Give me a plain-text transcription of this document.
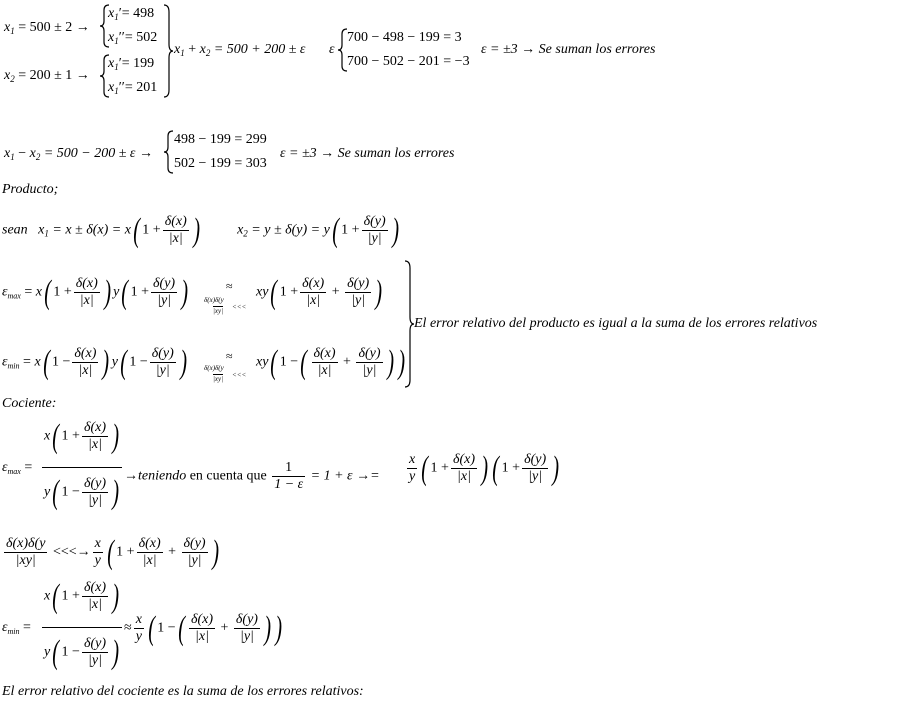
$x_1 = 500 \pm 2$ →
$x_1'= 498$
$x_1''= 502$
$x_2 = 200 \pm 1$ →
$x_1'= 199$
$x_1''= 201$
$x_1 + x_2 = 500 + 200 \pm \varepsilon$ ε
700 − 498 − 199 = 3
700 − 502 − 201 = −3
ε = ±3 → Se suman los errores
$x_1 - x_2 = 500 - 200 \pm \varepsilon$ →
498 − 199 = 299
502 − 199 = 303
ε = ±3 → Se suman los errores
Producto;
sean $x_1 = x \pm \delta(x) = x$( $1 + \frac{\delta(x)}{|x|}$ )	$x_2 = y \pm \delta(y) = y$( $1 + \frac{\delta(y)}{|y|}$ )
$\varepsilon_{max} = x$( $1 + \frac{\delta(x)}{|x|}$ ) y( $1 + \frac{\delta(y)}{|y|}$ )	≈
δ(x)δ(y
|xy| <<<
xy( $1 + \frac{\delta(x)}{|x|} + \frac{\delta(y)}{|y|}$ )
$\varepsilon_{min} = x$( $1 - \frac{\delta(x)}{|x|}$ ) y( $1 - \frac{\delta(y)}{|y|}$ )	≈
δ(x)δ(y
|xy| <<<
xy( 1 −( $\frac{\delta(x)}{|x|} + \frac{\delta(y)}{|y|}$ ) )
El error relativo del producto es igual a la suma de los errores relativos
Cociente:
$\varepsilon_{max}$ =
x( $1 + \frac{\delta(x)}{|x|}$ )
y( $1 - \frac{\delta(y)}{|y|}$ ) →teniendo en cuenta que $\frac{1}{1 - \varepsilon} = 1 + \varepsilon \to= \frac{x}{y}$ ( $1 + \frac{\delta(x)}{|x|}$ ) ( $1 + \frac{\delta(y)}{|y|}$ )
$\frac{\delta(x)\delta(y}{|xy|}$ <<<→ $\frac{x}{y}$ ( $1 + \frac{\delta(x)}{|x|} + \frac{\delta(y)}{|y|}$ )
$\varepsilon_{min}$ =
x( $1 + \frac{\delta(x)}{|x|}$ )
y( $1 - \frac{\delta(y)}{|y|}$ )
≈ $\frac{x}{y}$ ( 1 −( $\frac{\delta(x)}{|x|} + \frac{\delta(y)}{|y|}$ ) )
El error relativo del cociente es la suma de los errores relativos:
